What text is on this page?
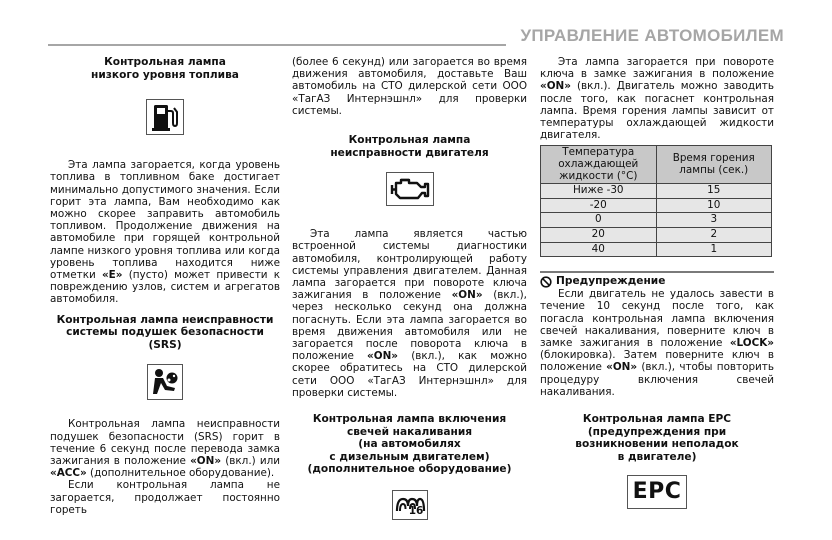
УПРАВЛЕНИЕ АВТОМОБИЛЕМ
Контрольная лампа
низкого уровня топлива
Эта лампа загорается, когда уровень топлива в топливном баке достигает минимально допустимого значения. Если горит эта лампа, Вам необходимо как можно скорее заправить автомобиль топливом. Продолжение движения на автомобиле при горящей контрольной лампе низкого уровня топлива или когда уровень топлива находится ниже отметки «E» (пусто) может привести к повреждению узлов, систем и агрегатов автомобиля.
Контрольная лампа неисправности
системы подушек безопасности
(SRS)
Контрольная лампа неисправности подушек безопасности (SRS) горит в течение 6 секунд после перевода замка зажигания в положение «ON» (вкл.) или «ACC» (дополнительное оборудование).
Если контрольная лампа не загорается, продолжает постоянно гореть
(более 6 секунд) или загорается во время движения автомобиля, доставьте Ваш автомобиль на СТО дилерской сети ООО «ТагАЗ Интернэшнл» для проверки системы.
Контрольная лампа
неисправности двигателя
Эта лампа является частью встроенной системы диагностики автомобиля, контролирующей работу системы управления двигателем. Данная лампа загорается при повороте ключа зажигания в положение «ON» (вкл.), через несколько секунд она должна погаснуть. Если эта лампа загорается во время движения автомобиля или не загорается после поворота ключа в положение «ON» (вкл.), как можно скорее обратитесь на СТО дилерской сети ООО «ТагАЗ Интернэшнл» для проверки системы.
Контрольная лампа включения
свечей накаливания
(на автомобилях
с дизельным двигателем)
(дополнительное оборудование)
Эта лампа загорается при повороте ключа в замке зажигания в положение «ON» (вкл.). Двигатель можно заводить после того, как погаснет контрольная лампа. Время горения лампы зависит от температуры охлаждающей жидкости двигателя.
Температура охлаждающей жидкости (°C)	Время горения лампы (сек.)
Ниже -30	15
-20	10
0	3
20	2
40	1
Предупреждение
Если двигатель не удалось завести в течение 10 секунд после того, как погасла контрольная лампа включения свечей накаливания, поверните ключ в замке зажигания в положение «LOCK» (блокировка). Затем поверните ключ в положение «ON» (вкл.), чтобы повторить процедуру включения свечей накаливания.
Контрольная лампа EPC
(предупреждения при
возникновении неполадок
в двигателе)
EPC
16
